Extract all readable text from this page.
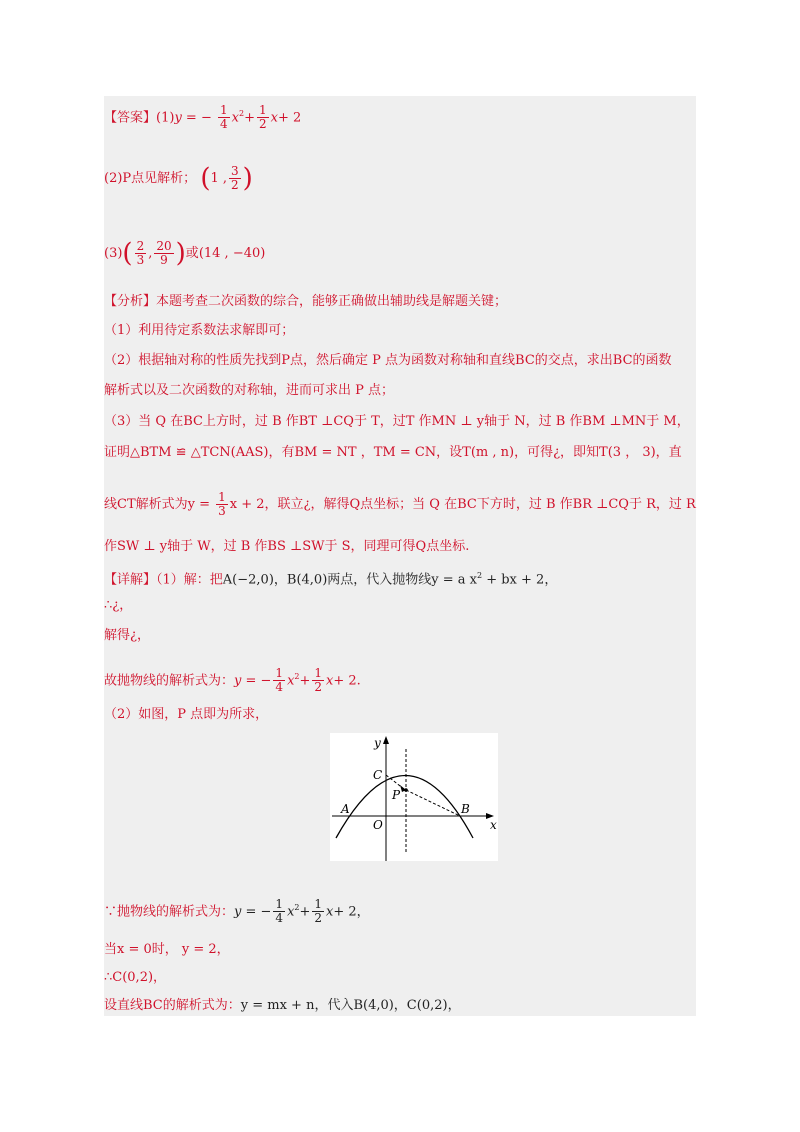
【答案】(1)y = − $\frac{1}{4} x^2+ \frac{1}{2} x+ 2$
(2)P点见解析； (1 , $\frac{3}{2}$ )
$(3)( \frac{2}{3}$ , $\frac{20}{9}$ )或(14 , −40)
【分析】本题考查二次函数的综合，能够正确做出辅助线是解题关键；
（1）利用待定系数法求解即可；
（2）根据轴对称的性质先找到P点，然后确定 P 点为函数对称轴和直线BC的交点，求出BC的函数
解析式以及二次函数的对称轴，进而可求出 P 点；
（3）当 Q 在BC上方时，过 B 作BT ⊥CQ于 T，过T 作MN ⊥ y轴于 N，过 B 作BM ⊥MN于 M，
证明△BTM ≌ △TCN(AAS)，有BM = NT ，TM = CN，设T(m , n)，可得¿，即知T(3 ， 3)，直
线CT解析式为$y = \frac{1}{3}$ x + 2，联立¿，解得Q点坐标；当 Q 在BC下方时，过 B 作BR ⊥CQ于 R，过 R
作SW ⊥ y轴于 W，过 B 作BS ⊥SW于 S，同理可得Q点坐标.
【详解】（1）解：把A(−2,0)，B(4,0)两点，代入抛物线y = a $x^2$ + bx + 2，
∴¿，
解得¿，
故抛物线的解析式为：y = − $\frac{1}{4} x^2+ \frac{1}{2} x+ 2$.
（2）如图，P 点即为所求，
y
x
C
P
A	B
O
∵抛物线的解析式为：y = − $\frac{1}{4} x^2+ \frac{1}{2} x+ 2$，
当x = 0时， y = 2，
∴C(0,2)，
设直线BC的解析式为：y = mx + n，代入B(4,0)，C(0,2)，
